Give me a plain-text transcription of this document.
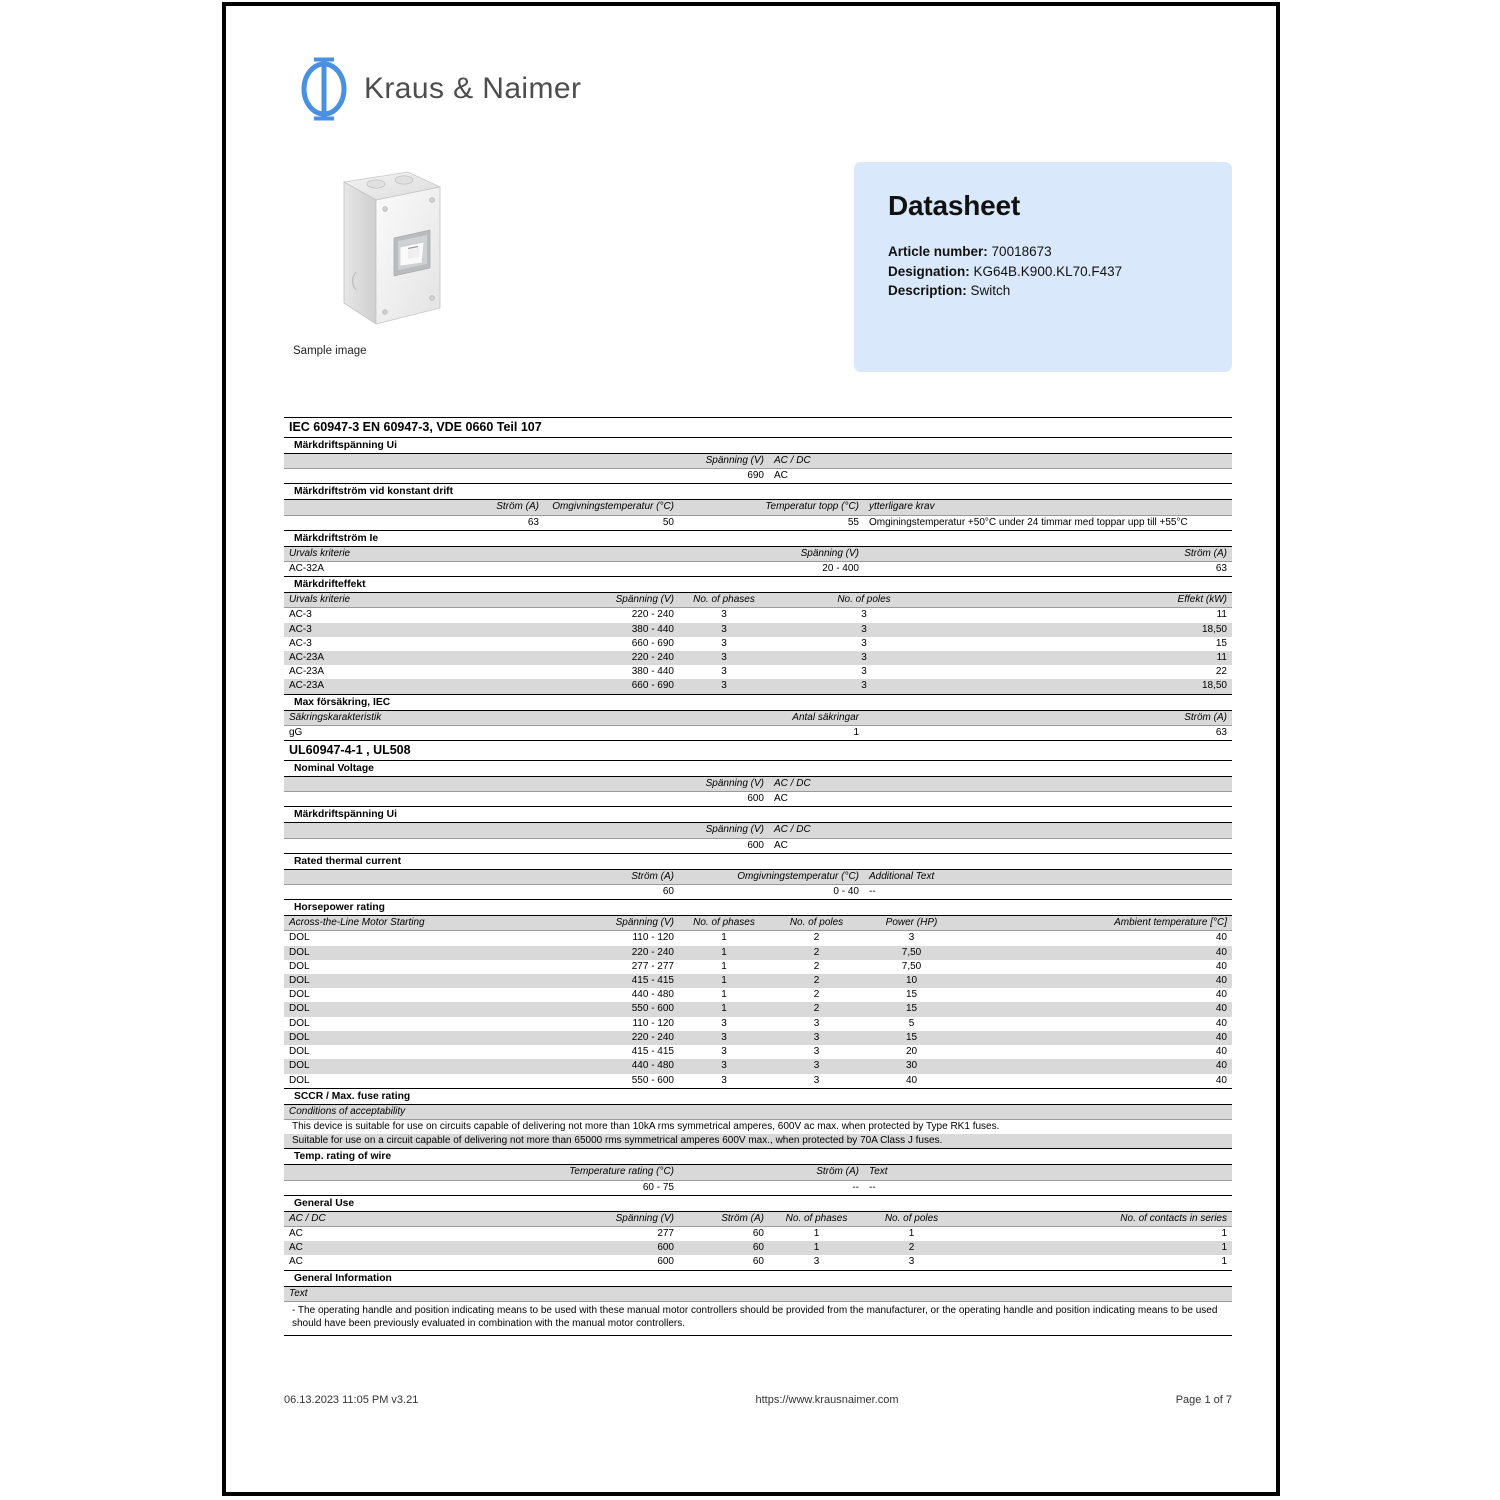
Kraus & Naimer
Sample image
Datasheet
Article number: 70018673
Designation: KG64B.K900.KL70.F437
Description: Switch
IEC 60947-3 EN 60947-3, VDE 0660 Teil 107					
Märkdriftspänning Ui					
	Spänning (V)		AC / DC		
	690		AC		
Märkdriftström vid konstant drift					
Ström (A)	Omgivningstemperatur (°C)	Temperatur topp (°C)		ytterligare krav	
63	50	55		Omginingstemperatur +50°C under 24 timmar med toppar upp till +55°C	
Märkdriftström Ie					
Urvals kriterie	Spänning (V)			Ström (A)	
AC-32A	20 - 400			63	
Märkdrifteffekt					
Urvals kriterie	Spänning (V)	No. of phases	No. of poles		Effekt (kW)
AC-3	220 - 240	3	3		11
AC-3	380 - 440	3	3		18,50
AC-3	660 - 690	3	3		15
AC-23A	220 - 240	3	3		11
AC-23A	380 - 440	3	3		22
AC-23A	660 - 690	3	3		18,50
Max försäkring, IEC					
Säkringskarakteristik	Antal säkringar			Ström (A)	
gG	1			63	
UL60947-4-1 , UL508					
Nominal Voltage					
	Spänning (V)		AC / DC		
	600		AC		
Märkdriftspänning Ui					
	Spänning (V)		AC / DC		
	600		AC		
Rated thermal current					
Ström (A)		Omgivningstemperatur (°C)		Additional Text	
60		0 - 40		--	
Horsepower rating					
Across-the-Line Motor Starting	Spänning (V)	No. of phases	No. of poles	Power (HP)	Ambient temperature [°C]
DOL	110 - 120	1	2	3	40
DOL	220 - 240	1	2	7,50	40
DOL	277 - 277	1	2	7,50	40
DOL	415 - 415	1	2	10	40
DOL	440 - 480	1	2	15	40
DOL	550 - 600	1	2	15	40
DOL	110 - 120	3	3	5	40
DOL	220 - 240	3	3	15	40
DOL	415 - 415	3	3	20	40
DOL	440 - 480	3	3	30	40
DOL	550 - 600	3	3	40	40
SCCR / Max. fuse rating					
Conditions of acceptability					
This device is suitable for use on circuits capable of delivering not more than 10kA rms symmetrical amperes, 600V ac max. when protected by Type RK1 fuses.					
Suitable for use on a circuit capable of delivering not more than 65000 rms symmetrical amperes 600V max., when protected by 70A Class J fuses.					
Temp. rating of wire					
Temperature rating (°C)		Ström (A)		Text	
60 - 75		--		--	
General Use					
AC / DC	Spänning (V)	Ström (A)	No. of phases	No. of poles	No. of contacts in series
AC	277	60	1	1	1
AC	600	60	1	2	1
AC	600	60	3	3	1
General Information					
Text					
- The operating handle and position indicating means to be used with these manual motor controllers should be provided from the manufacturer, or the operating handle and position indicating means to be used should have been previously evaluated in combination with the manual motor controllers.					
06.13.2023 11:05 PM v3.21	https://www.krausnaimer.com	Page 1 of 7
